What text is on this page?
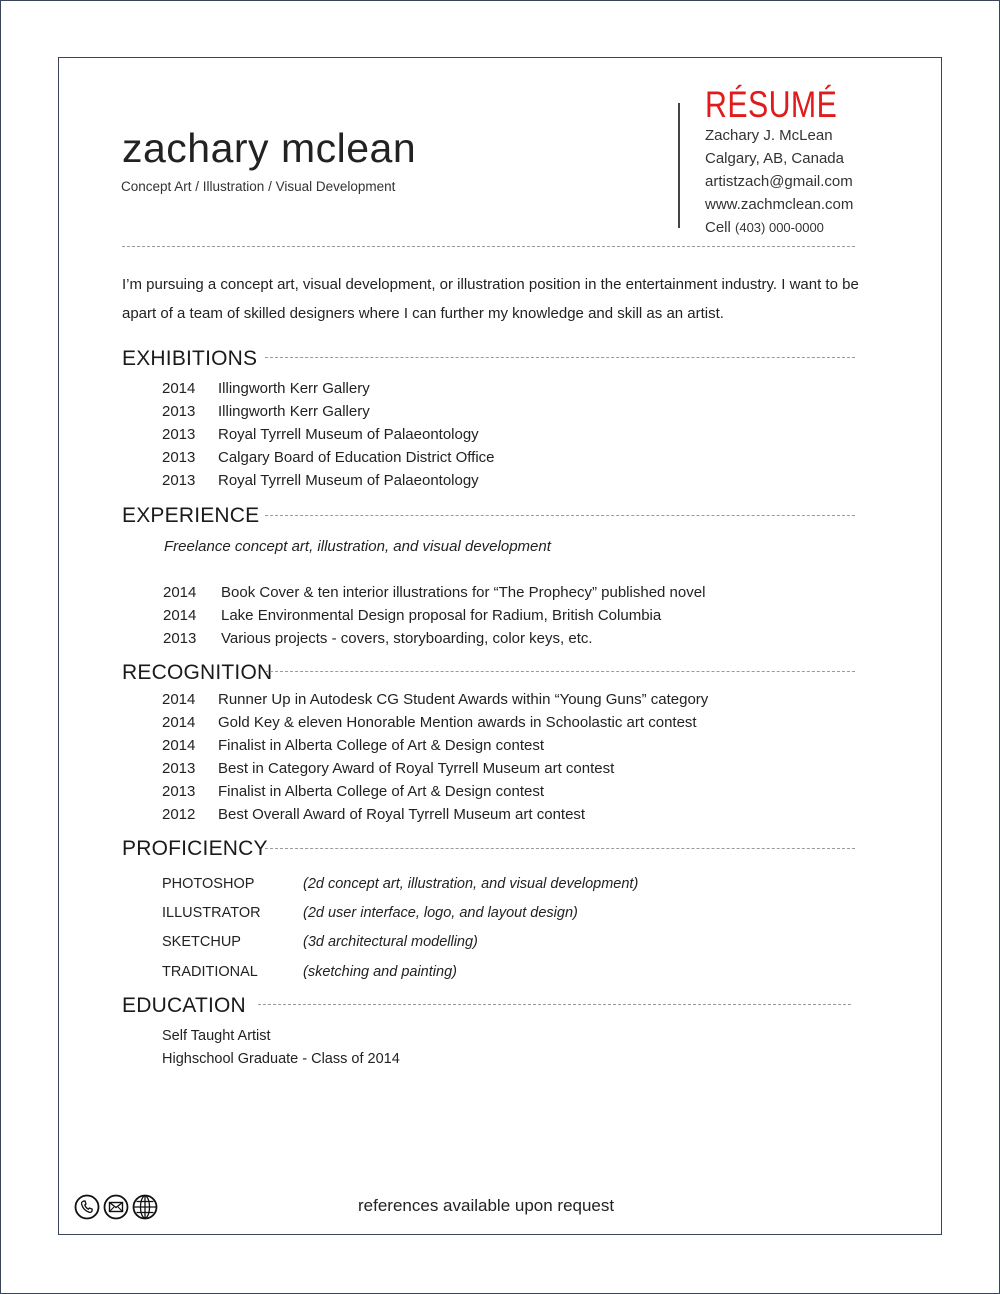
zachary mclean
Concept Art / Illustration / Visual Development
RÉSUMÉ
Zachary J. McLean
Calgary, AB, Canada
artistzach@gmail.com
www.zachmclean.com
Cell (403) 000-0000
I’m pursuing a concept art, visual development, or illustration position in the entertainment industry. I want to be apart of a team of skilled designers where I can further my knowledge and skill as an artist.
EXHIBITIONS
2014 Illingworth Kerr Gallery
2013 Illingworth Kerr Gallery
2013 Royal Tyrrell Museum of Palaeontology
2013 Calgary Board of Education District Office
2013 Royal Tyrrell Museum of Palaeontology
EXPERIENCE
Freelance concept art, illustration, and visual development
2014 Book Cover & ten interior illustrations for “The Prophecy” published novel
2014 Lake Environmental Design proposal for Radium, British Columbia
2013 Various projects - covers, storyboarding, color keys, etc.
RECOGNITION
2014 Runner Up in Autodesk CG Student Awards within “Young Guns” category
2014 Gold Key & eleven Honorable Mention awards in Schoolastic art contest
2014 Finalist in Alberta College of Art & Design contest
2013 Best in Category Award of Royal Tyrrell Museum art contest
2013 Finalist in Alberta College of Art & Design contest
2012 Best Overall Award of Royal Tyrrell Museum art contest
PROFICIENCY
PHOTOSHOP	(2d concept art, illustration, and visual development)
ILLUSTRATOR	(2d user interface, logo, and layout design)
SKETCHUP	(3d architectural modelling)
TRADITIONAL	(sketching and painting)
EDUCATION
Self Taught Artist
Highschool Graduate - Class of 2014
references available upon request
